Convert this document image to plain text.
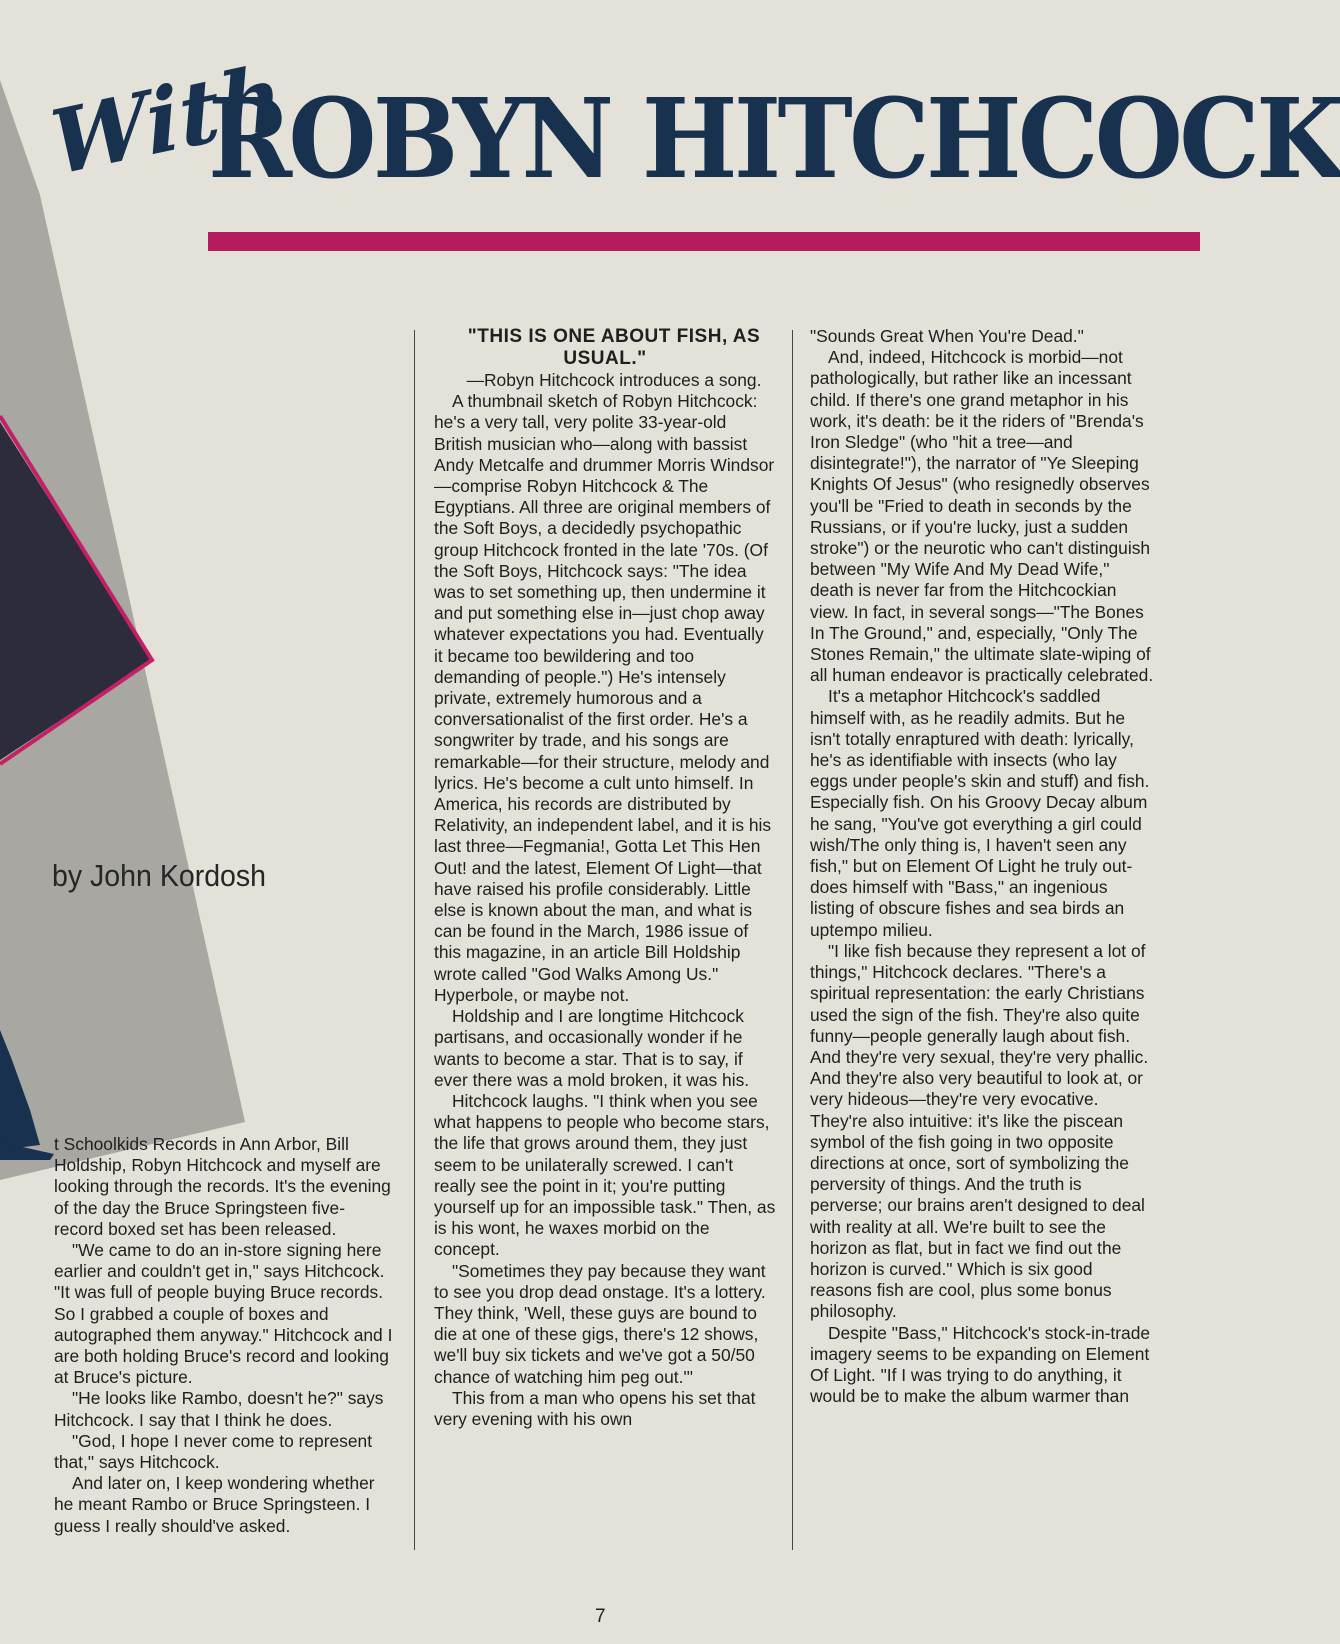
With
ROBYN HITCHCOCK
by John Kordosh

t Schoolkids Records in Ann Arbor, Bill Holdship, Robyn Hitchcock and myself are looking through the records. It's the evening of the day the Bruce Springsteen five-record boxed set has been released.

"We came to do an in-store signing here earlier and couldn't get in," says Hitchcock. "It was full of people buying Bruce records. So I grabbed a couple of boxes and autographed them anyway." Hitchcock and I are both holding Bruce's record and looking at Bruce's picture.

"He looks like Rambo, doesn't he?" says Hitchcock. I say that I think he does.

"God, I hope I never come to represent that," says Hitchcock.

And later on, I keep wondering whether he meant Rambo or Bruce Springsteen. I guess I really should've asked.

"THIS IS ONE ABOUT FISH, AS USUAL."

—Robyn Hitchcock introduces a song.

A thumbnail sketch of Robyn Hitchcock: he's a very tall, very polite 33-year-old British musician who—along with bassist Andy Metcalfe and drummer Morris Windsor—comprise Robyn Hitchcock & The Egyptians. All three are original members of the Soft Boys, a decidedly psychopathic group Hitchcock fronted in the late '70s. (Of the Soft Boys, Hitchcock says: "The idea was to set something up, then undermine it and put something else in—just chop away whatever expectations you had. Eventually it became too bewildering and too demanding of people.") He's intensely private, extremely humorous and a conversationalist of the first order. He's a songwriter by trade, and his songs are remarkable—for their structure, melody and lyrics. He's become a cult unto himself. In America, his records are distributed by Relativity, an independent label, and it is his last three—Fegmania!, Gotta Let This Hen Out! and the latest, Element Of Light—that have raised his profile considerably. Little else is known about the man, and what is can be found in the March, 1986 issue of this magazine, in an article Bill Holdship wrote called "God Walks Among Us." Hyperbole, or maybe not.

Holdship and I are longtime Hitchcock partisans, and occasionally wonder if he wants to become a star. That is to say, if ever there was a mold broken, it was his.

Hitchcock laughs. "I think when you see what happens to people who become stars, the life that grows around them, they just seem to be unilaterally screwed. I can't really see the point in it; you're putting yourself up for an impossible task." Then, as is his wont, he waxes morbid on the concept.

"Sometimes they pay because they want to see you drop dead onstage. It's a lottery. They think, 'Well, these guys are bound to die at one of these gigs, there's 12 shows, we'll buy six tickets and we've got a 50/50 chance of watching him peg out.'"

This from a man who opens his set that very evening with his own

"Sounds Great When You're Dead."

And, indeed, Hitchcock is morbid—not pathologically, but rather like an incessant child. If there's one grand metaphor in his work, it's death: be it the riders of "Brenda's Iron Sledge" (who "hit a tree—and disintegrate!"), the narrator of "Ye Sleeping Knights Of Jesus" (who resignedly observes you'll be "Fried to death in seconds by the Russians, or if you're lucky, just a sudden stroke") or the neurotic who can't distinguish between "My Wife And My Dead Wife," death is never far from the Hitchcockian view. In fact, in several songs—"The Bones In The Ground," and, especially, "Only The Stones Remain," the ultimate slate-wiping of all human endeavor is practically celebrated.

It's a metaphor Hitchcock's saddled himself with, as he readily admits. But he isn't totally enraptured with death: lyrically, he's as identifiable with insects (who lay eggs under people's skin and stuff) and fish. Especially fish. On his Groovy Decay album he sang, "You've got everything a girl could wish/The only thing is, I haven't seen any fish," but on Element Of Light he truly out-does himself with "Bass," an ingenious listing of obscure fishes and sea birds an uptempo milieu.

"I like fish because they represent a lot of things," Hitchcock declares. "There's a spiritual representation: the early Christians used the sign of the fish. They're also quite funny—people generally laugh about fish. And they're very sexual, they're very phallic. And they're also very beautiful to look at, or very hideous—they're very evocative. They're also intuitive: it's like the piscean symbol of the fish going in two opposite directions at once, sort of symbolizing the perversity of things. And the truth is perverse; our brains aren't designed to deal with reality at all. We're built to see the horizon as flat, but in fact we find out the horizon is curved." Which is six good reasons fish are cool, plus some bonus philosophy.

Despite "Bass," Hitchcock's stock-in-trade imagery seems to be expanding on Element Of Light. "If I was trying to do anything, it would be to make the album warmer than

7
